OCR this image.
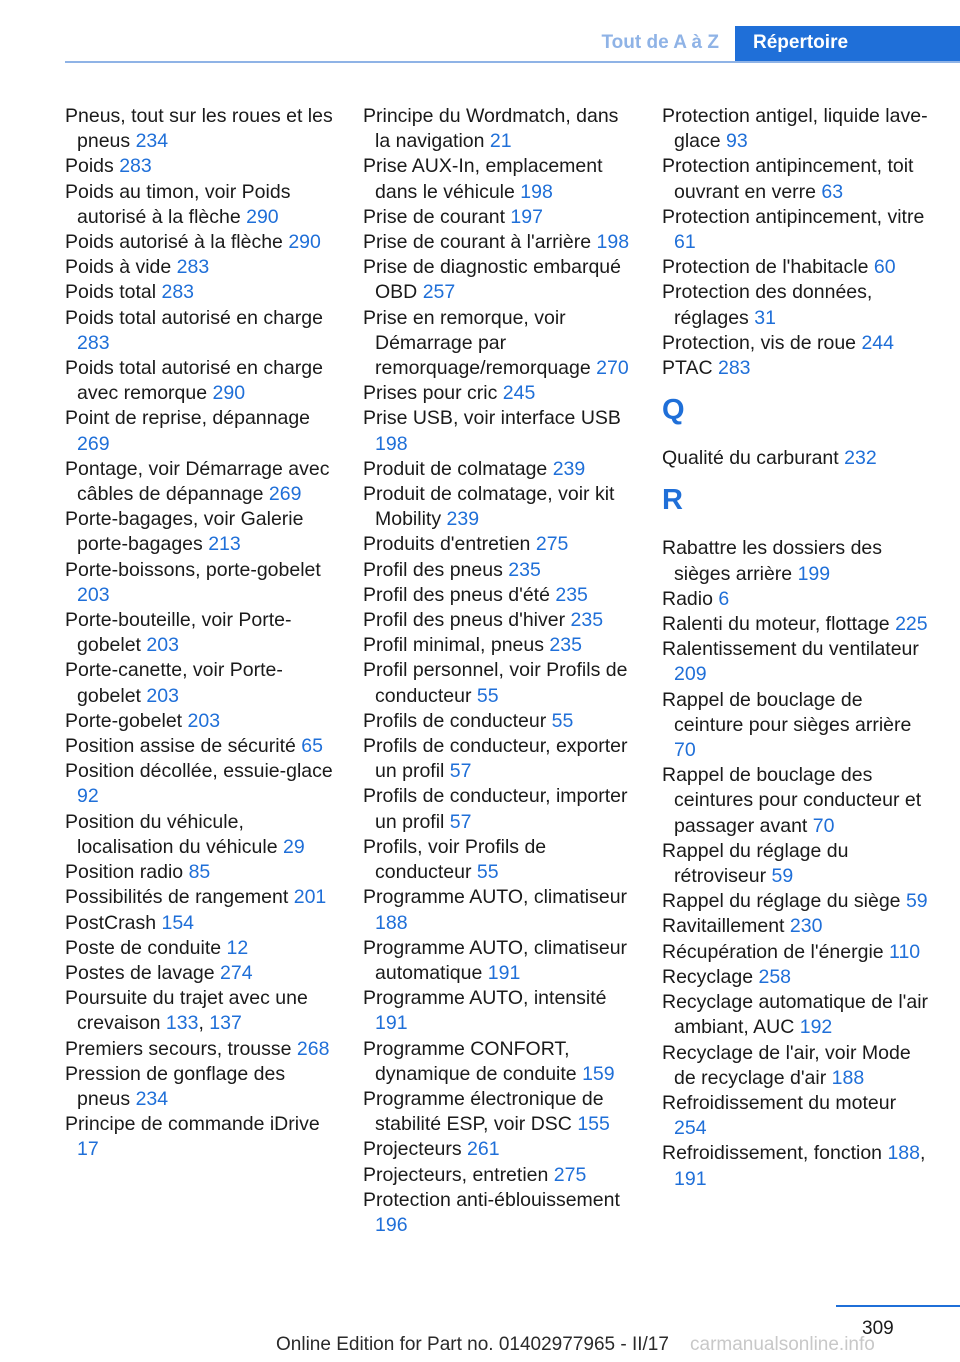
Tout de A à Z	Répertoire
Pneus, tout sur les roues et les pneus 234
Poids 283
Poids au timon, voir Poids autorisé à la flèche 290
Poids autorisé à la flèche 290
Poids à vide 283
Poids total 283
Poids total autorisé en charge 283
Poids total autorisé en charge avec remorque 290
Point de reprise, dépannage 269
Pontage, voir Démarrage avec câbles de dépannage 269
Porte-bagages, voir Galerie porte-bagages 213
Porte-boissons, porte-gobelet 203
Porte-bouteille, voir Porte-gobelet 203
Porte-canette, voir Porte-gobelet 203
Porte-gobelet 203
Position assise de sécurité 65
Position décollée, essuie-glace 92
Position du véhicule, localisation du véhicule 29
Position radio 85
Possibilités de rangement 201
PostCrash 154
Poste de conduite 12
Postes de lavage 274
Poursuite du trajet avec une crevaison 133, 137
Premiers secours, trousse 268
Pression de gonflage des pneus 234
Principe de commande iDrive 17
Principe du Wordmatch, dans la navigation 21
Prise AUX-In, emplacement dans le véhicule 198
Prise de courant 197
Prise de courant à l'arrière 198
Prise de diagnostic embarqué OBD 257
Prise en remorque, voir Démarrage par remorquage/remorquage 270
Prises pour cric 245
Prise USB, voir interface USB 198
Produit de colmatage 239
Produit de colmatage, voir kit Mobility 239
Produits d'entretien 275
Profil des pneus 235
Profil des pneus d'été 235
Profil des pneus d'hiver 235
Profil minimal, pneus 235
Profil personnel, voir Profils de conducteur 55
Profils de conducteur 55
Profils de conducteur, exporter un profil 57
Profils de conducteur, importer un profil 57
Profils, voir Profils de conducteur 55
Programme AUTO, climatiseur 188
Programme AUTO, climatiseur automatique 191
Programme AUTO, intensité 191
Programme CONFORT, dynamique de conduite 159
Programme électronique de stabilité ESP, voir DSC 155
Projecteurs 261
Projecteurs, entretien 275
Protection anti-éblouissement 196
Protection antigel, liquide lave-glace 93
Protection antipincement, toit ouvrant en verre 63
Protection antipincement, vitre 61
Protection de l'habitacle 60
Protection des données, réglages 31
Protection, vis de roue 244
PTAC 283
Q
Qualité du carburant 232
R
Rabattre les dossiers des sièges arrière 199
Radio 6
Ralenti du moteur, flottage 225
Ralentissement du ventilateur 209
Rappel de bouclage de ceinture pour sièges arrière 70
Rappel de bouclage des ceintures pour conducteur et passager avant 70
Rappel du réglage du rétroviseur 59
Rappel du réglage du siège 59
Ravitaillement 230
Récupération de l'énergie 110
Recyclage 258
Recyclage automatique de l'air ambiant, AUC 192
Recyclage de l'air, voir Mode de recyclage d'air 188
Refroidissement du moteur 254
Refroidissement, fonction 188, 191
309
Online Edition for Part no. 01402977965 - II/17 carmanualsonline.info
